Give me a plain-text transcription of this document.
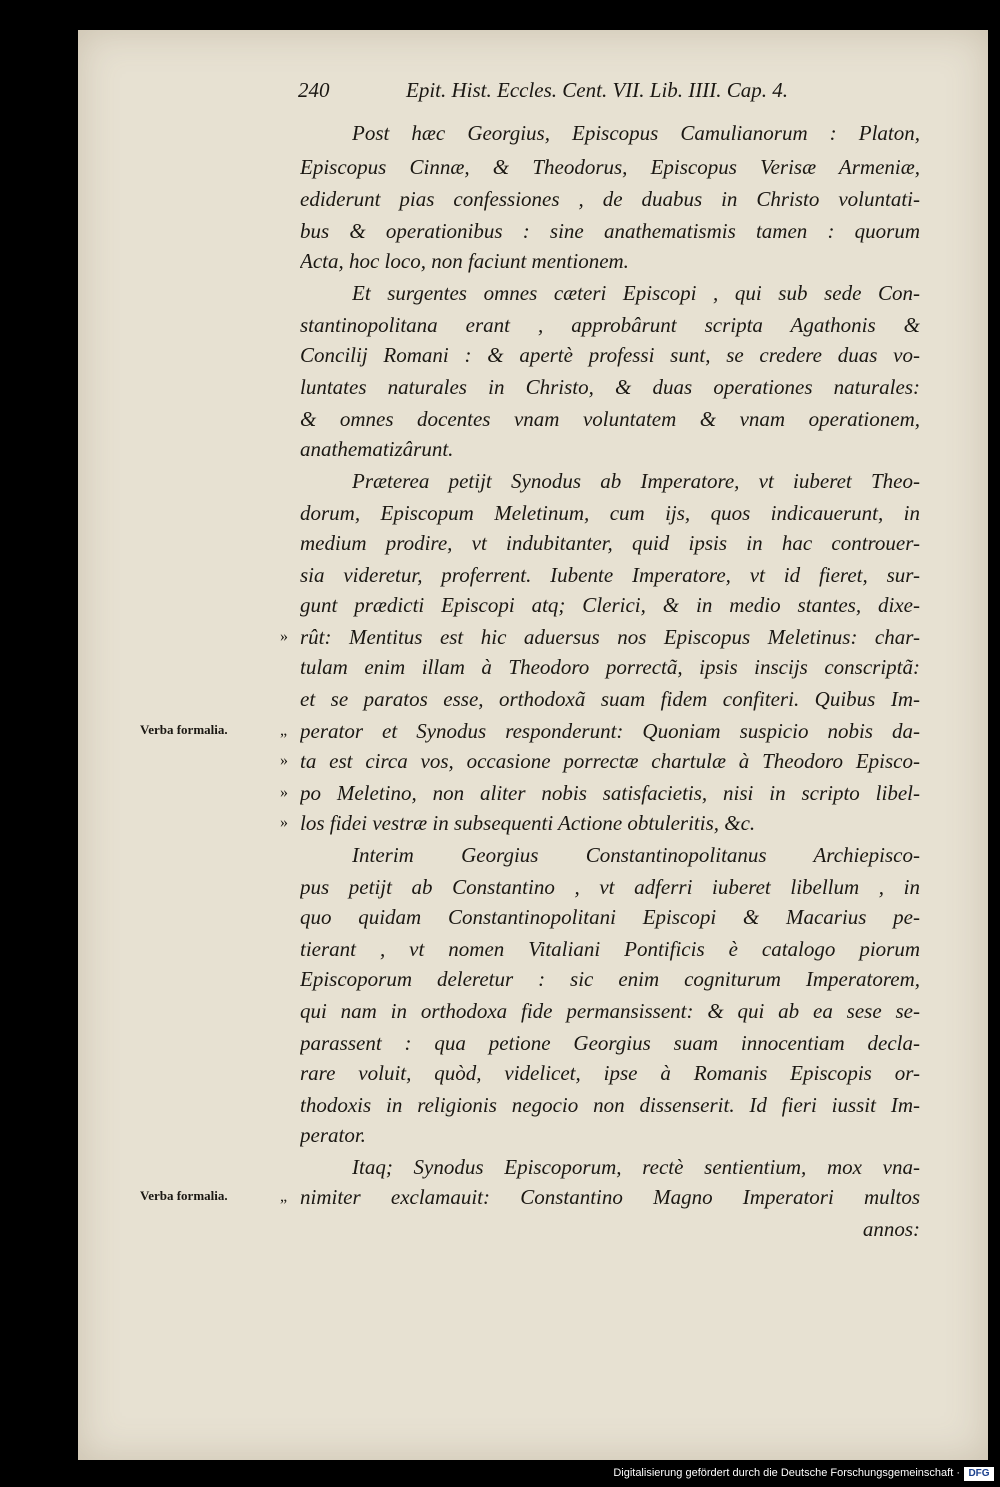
240	Epit. Hist. Eccles. Cent. VII. Lib. IIII. Cap. 4.
Post hæc Georgius, Episcopus Camulianorum : Platon,
Episcopus Cinnæ, & Theodorus, Episcopus Verisæ Armeniæ,
ediderunt pias confessiones , de duabus in Christo voluntati-
bus & operationibus : sine anathematismis tamen : quorum
Acta, hoc loco, non faciunt mentionem.
Et surgentes omnes cæteri Episcopi , qui sub sede Con-
stantinopolitana erant , approbârunt scripta Agathonis &
Concilij Romani : & apertè professi sunt, se credere duas vo-
luntates naturales in Christo, & duas operationes naturales:
& omnes docentes vnam voluntatem & vnam operationem,
anathematizârunt.
Præterea petijt Synodus ab Imperatore, vt iuberet Theo-
dorum, Episcopum Meletinum, cum ijs, quos indicauerunt, in
medium prodire, vt indubitanter, quid ipsis in hac controuer-
sia videretur, proferrent. Iubente Imperatore, vt id fieret, sur-
gunt prædicti Episcopi atq; Clerici, & in medio stantes, dixe-
» rût: Mentitus est hic aduersus nos Episcopus Meletinus: char-
tulam enim illam à Theodoro porrectã, ipsis inscijs conscriptã:
et se paratos esse, orthodoxã suam fidem confiteri. Quibus Im-
Verba formalia.	„ perator et Synodus responderunt: Quoniam suspicio nobis da-
» ta est circa vos, occasione porrectæ chartulæ à Theodoro Episco-
» po Meletino, non aliter nobis satisfacietis, nisi in scripto libel-
» los fidei vestræ in subsequenti Actione obtuleritis, &c.
Interim Georgius Constantinopolitanus Archiepisco-
pus petijt ab Constantino , vt adferri iuberet libellum , in
quo quidam Constantinopolitani Episcopi & Macarius pe-
tierant , vt nomen Vitaliani Pontificis è catalogo piorum
Episcoporum deleretur : sic enim cogniturum Imperatorem,
qui nam in orthodoxa fide permansissent: & qui ab ea sese se-
parassent : qua petione Georgius suam innocentiam decla-
rare voluit, quòd, videlicet, ipse à Romanis Episcopis or-
thodoxis in religionis negocio non dissenserit. Id fieri iussit Im-
perator.
Itaq; Synodus Episcoporum, rectè sentientium, mox vna-
Verba formalia.	„ nimiter exclamauit: Constantino Magno Imperatori multos
annos:
Digitalisierung gefördert durch die Deutsche Forschungsgemeinschaft · DFG
